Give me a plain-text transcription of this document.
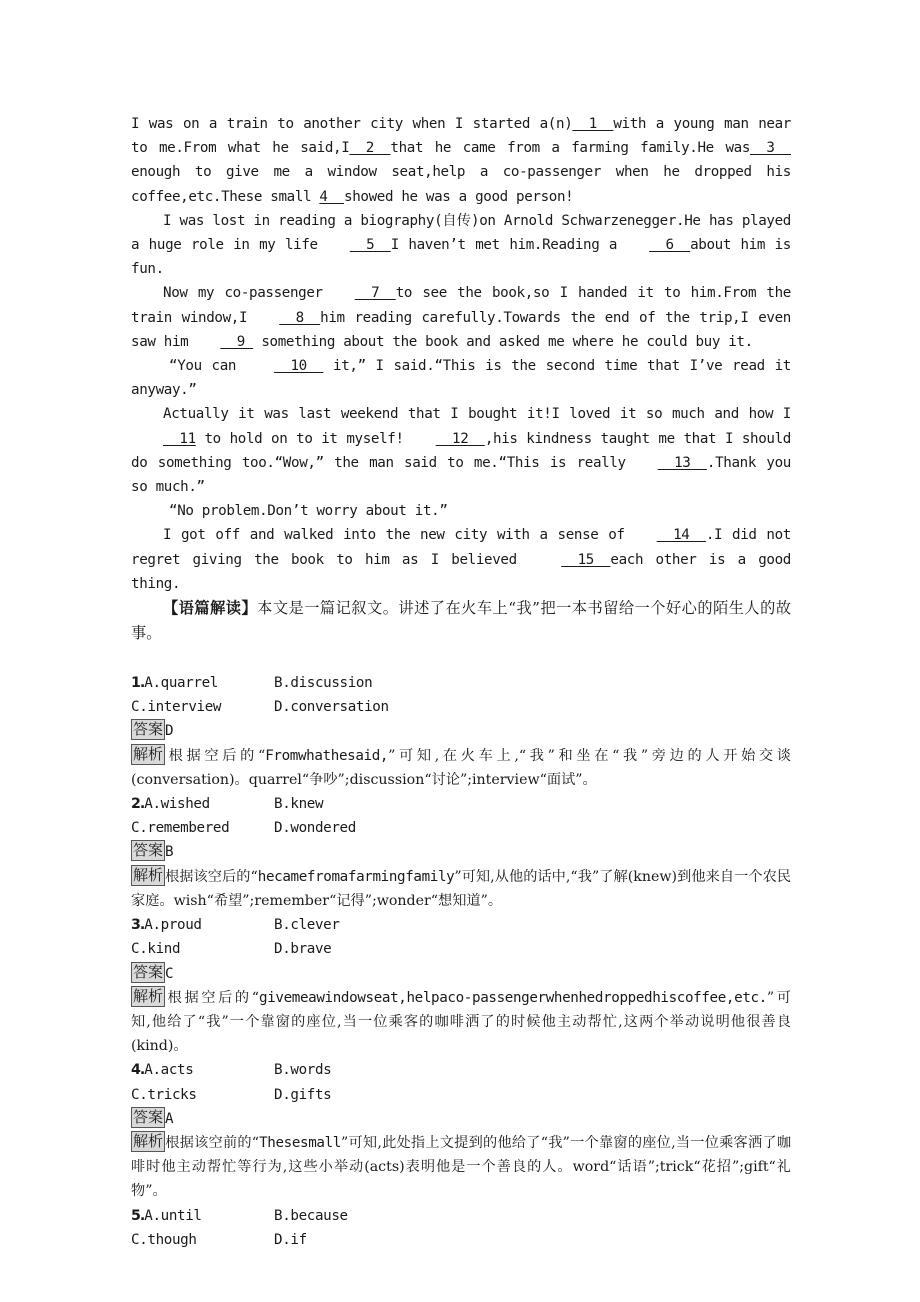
I was on a train to another city when I started a(n)  1  with a young man near to me.From what he said,I  2  that he came from a farming family.He was  3  enough to give me a window seat,help a co-passenger when he dropped his coffee,etc.These small 4  showed he was a good person!

I was lost in reading a biography(自传)on Arnold Schwarzenegger.He has played a huge role in my life  5  I haven’t met him.Reading a  6  about him is fun.

Now my co-passenger  7  to see the book,so I handed it to him.From the train window,I  8  him reading carefully.Towards the end of the trip,I even saw him  9  something about the book and asked me where he could buy it.

“You can	10   it,” I said.“This is the second time that I’ve read it anyway.”

Actually it was last weekend that I bought it!I loved it so much and how I  11 to hold on to it myself!  12  ,his kindness taught me that I should do something too.“Wow,” the man said to me.“This is really  13  .Thank you so much.”

“No problem.Don’t worry about it.”

I got off and walked into the new city with a sense of  14  .I did not regret giving the book to him as I believed   15  each other is a good thing.

【语篇解读】本文是一篇记叙文。讲述了在火车上“我”把一本书留给一个好心的陌生人的故事。

1.A.quarrel	B.discussion
C.interview	D.conversation

答案 D

解析 根据空后的“Fromwhathesaid,”可知,在火车上,“我”和坐在“我”旁边的人开始交谈(conversation)。quarrel“争吵”;discussion“讨论”;interview“面试”。

2.A.wished	B.knew
C.remembered	D.wondered

答案 B

解析 根据该空后的“hecamefromafarmingfamily”可知,从他的话中,“我”了解(knew)到他来自一个农民家庭。wish“希望”;remember“记得”;wonder“想知道”。

3.A.proud	B.clever
C.kind	D.brave

答案 C

解析 根据空后的“givemeawindowseat,helpaco-passengerwhenhedroppedhiscoffee,etc.”可知,他给了“我”一个靠窗的座位,当一位乘客的咖啡洒了的时候他主动帮忙,这两个举动说明他很善良(kind)。

4.A.acts	B.words
C.tricks	D.gifts

答案 A

解析 根据该空前的“Thesesmall”可知,此处指上文提到的他给了“我”一个靠窗的座位,当一位乘客洒了咖啡时他主动帮忙等行为,这些小举动(acts)表明他是一个善良的人。word“话语”;trick“花招”;gift“礼物”。

5.A.until	B.because
C.though	D.if
